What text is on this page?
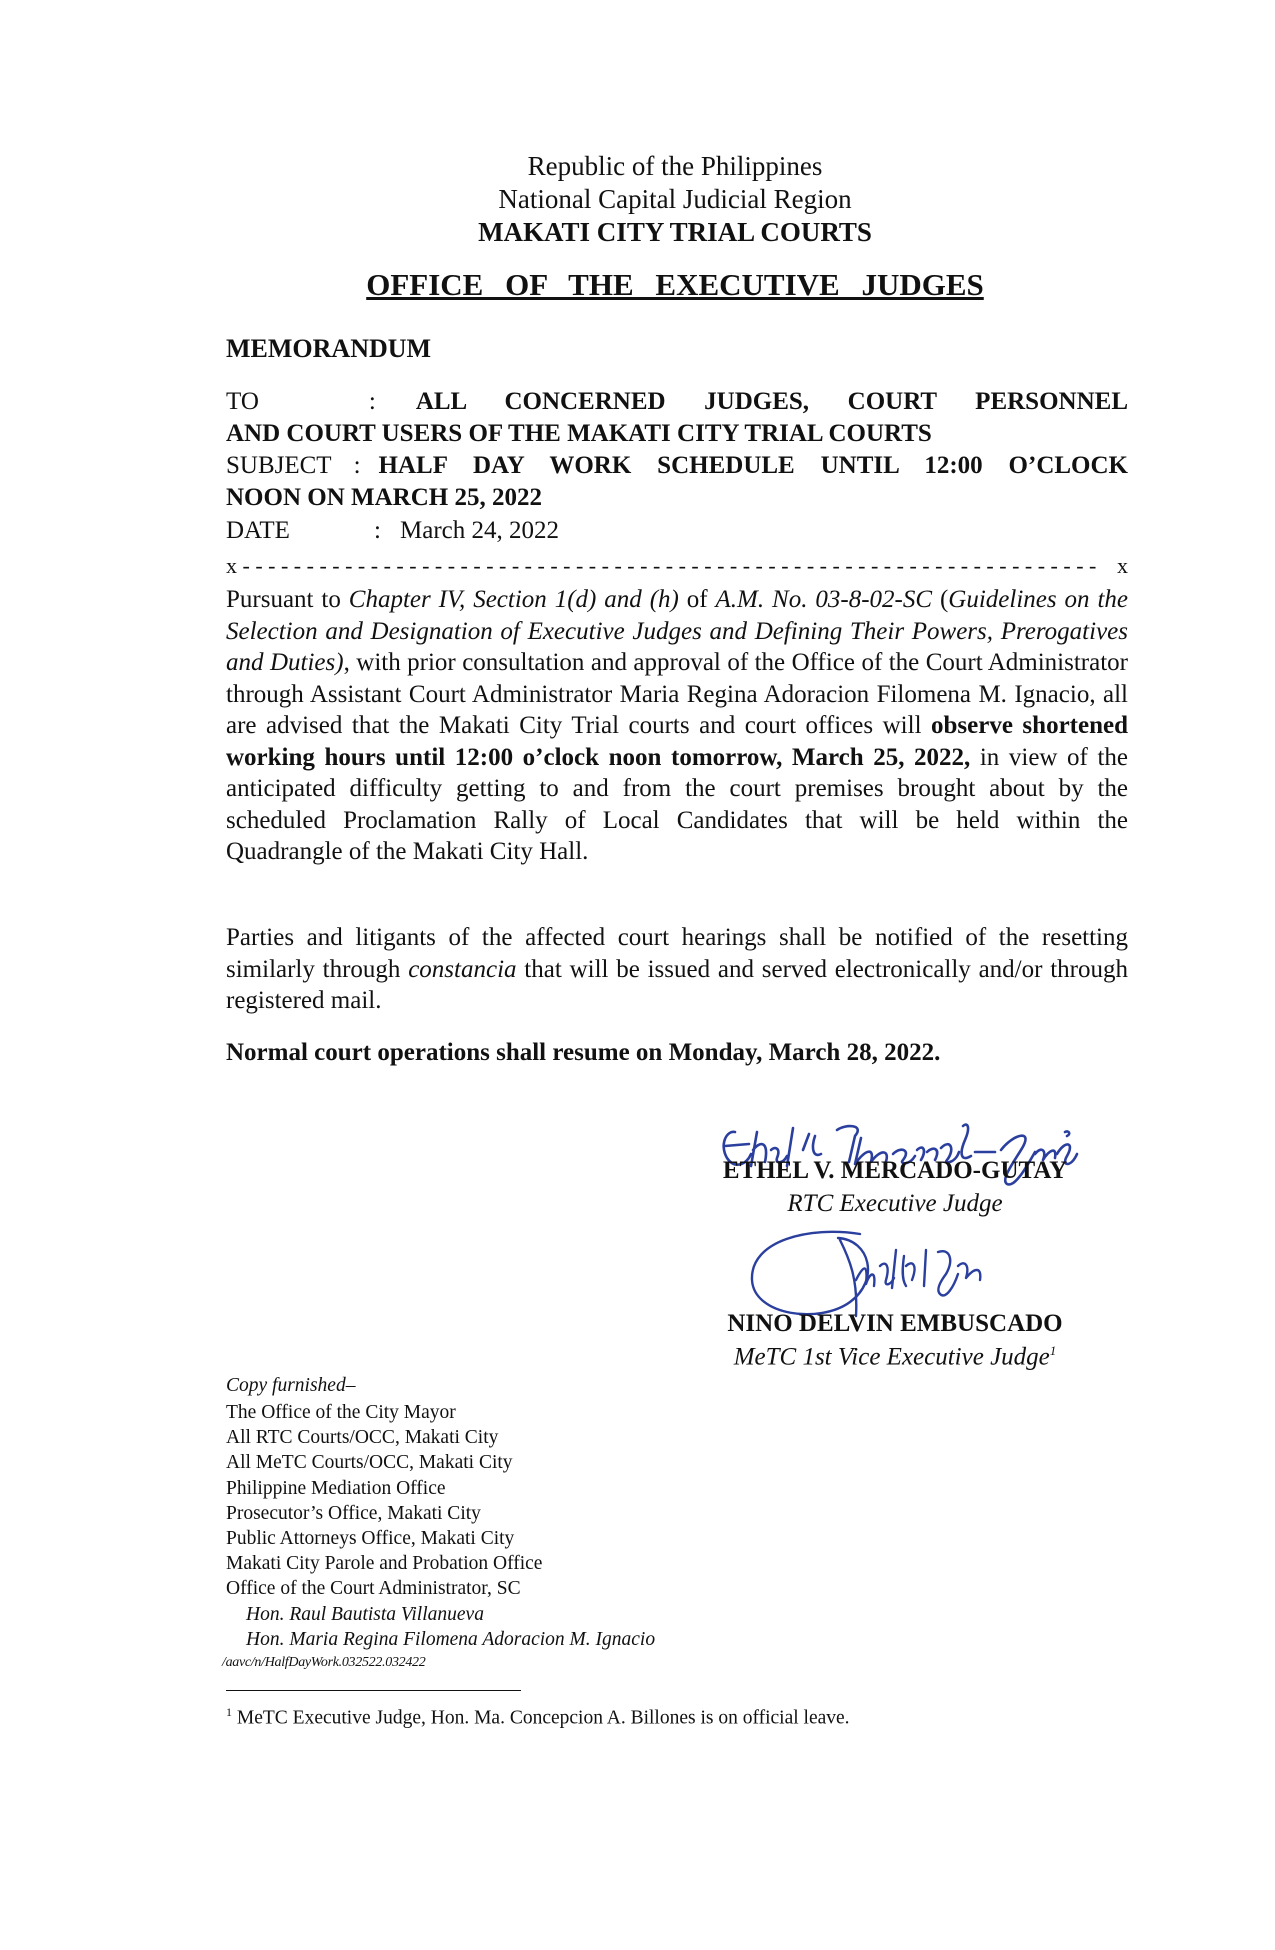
Republic of the Philippines
National Capital Judicial Region
MAKATI CITY TRIAL COURTS
OFFICE OF THE EXECUTIVE JUDGES
MEMORANDUM
TO	: ALL CONCERNED JUDGES, COURT PERSONNEL
AND COURT USERS OF THE MAKATI CITY TRIAL COURTS
SUBJECT : HALF DAY WORK SCHEDULE UNTIL 12:00 O’CLOCK
NOON ON MARCH 25, 2022
DATE	: March 24, 2022
x - - - - - - - - - - - - - - - - - - - - - - - - - - - - - - - - - - - - - - - - - - - - - - - - - - - - - - - - - - - - - - - - - - - x
Pursuant to Chapter IV, Section 1(d) and (h) of A.M. No. 03-8-02-SC (Guidelines on the Selection and Designation of Executive Judges and Defining Their Powers, Prerogatives and Duties), with prior consultation and approval of the Office of the Court Administrator through Assistant Court Administrator Maria Regina Adoracion Filomena M. Ignacio, all are advised that the Makati City Trial courts and court offices will observe shortened working hours until 12:00 o’clock noon tomorrow, March 25, 2022, in view of the anticipated difficulty getting to and from the court premises brought about by the scheduled Proclamation Rally of Local Candidates that will be held within the Quadrangle of the Makati City Hall.
Parties and litigants of the affected court hearings shall be notified of the resetting similarly through constancia that will be issued and served electronically and/or through registered mail.
Normal court operations shall resume on Monday, March 28, 2022.
ETHEL V. MERCADO-GUTAY
RTC Executive Judge
NINO DELVIN EMBUSCADO
MeTC 1st Vice Executive Judge$^1$
Copy furnished–
The Office of the City Mayor
All RTC Courts/OCC, Makati City
All MeTC Courts/OCC, Makati City
Philippine Mediation Office
Prosecutor’s Office, Makati City
Public Attorneys Office, Makati City
Makati City Parole and Probation Office
Office of the Court Administrator, SC
Hon. Raul Bautista Villanueva
Hon. Maria Regina Filomena Adoracion M. Ignacio
/aavc/n/HalfDayWork.032522.032422
$^1$ MeTC Executive Judge, Hon. Ma. Concepcion A. Billones is on official leave.
